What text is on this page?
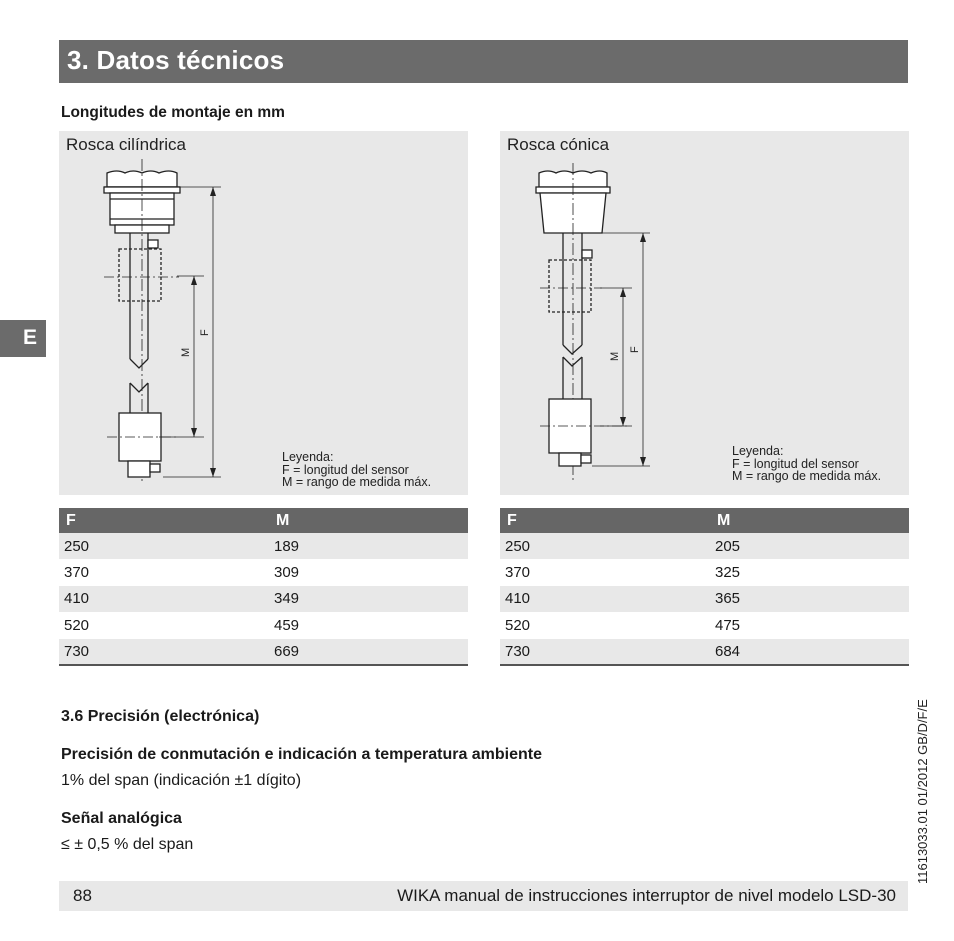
3. Datos técnicos
Longitudes de montaje en mm
E
Rosca cilíndrica
M
F
Leyenda:
F = longitud del sensor
M = rango de medida máx.
Rosca cónica
M
F
Leyenda:
F = longitud del sensor
M = rango de medida máx.
F	M
250	189
370	309
410	349
520	459
730	669
F	M
250	205
370	325
410	365
520	475
730	684
3.6 Precisión (electrónica)
Precisión de conmutación e indicación a temperatura ambiente
1% del span (indicación ±1 dígito)
Señal analógica
≤ ± 0,5 % del span	11613033.01 01/2012 GB/D/F/E
88	WIKA manual de instrucciones interruptor de nivel modelo LSD-30
